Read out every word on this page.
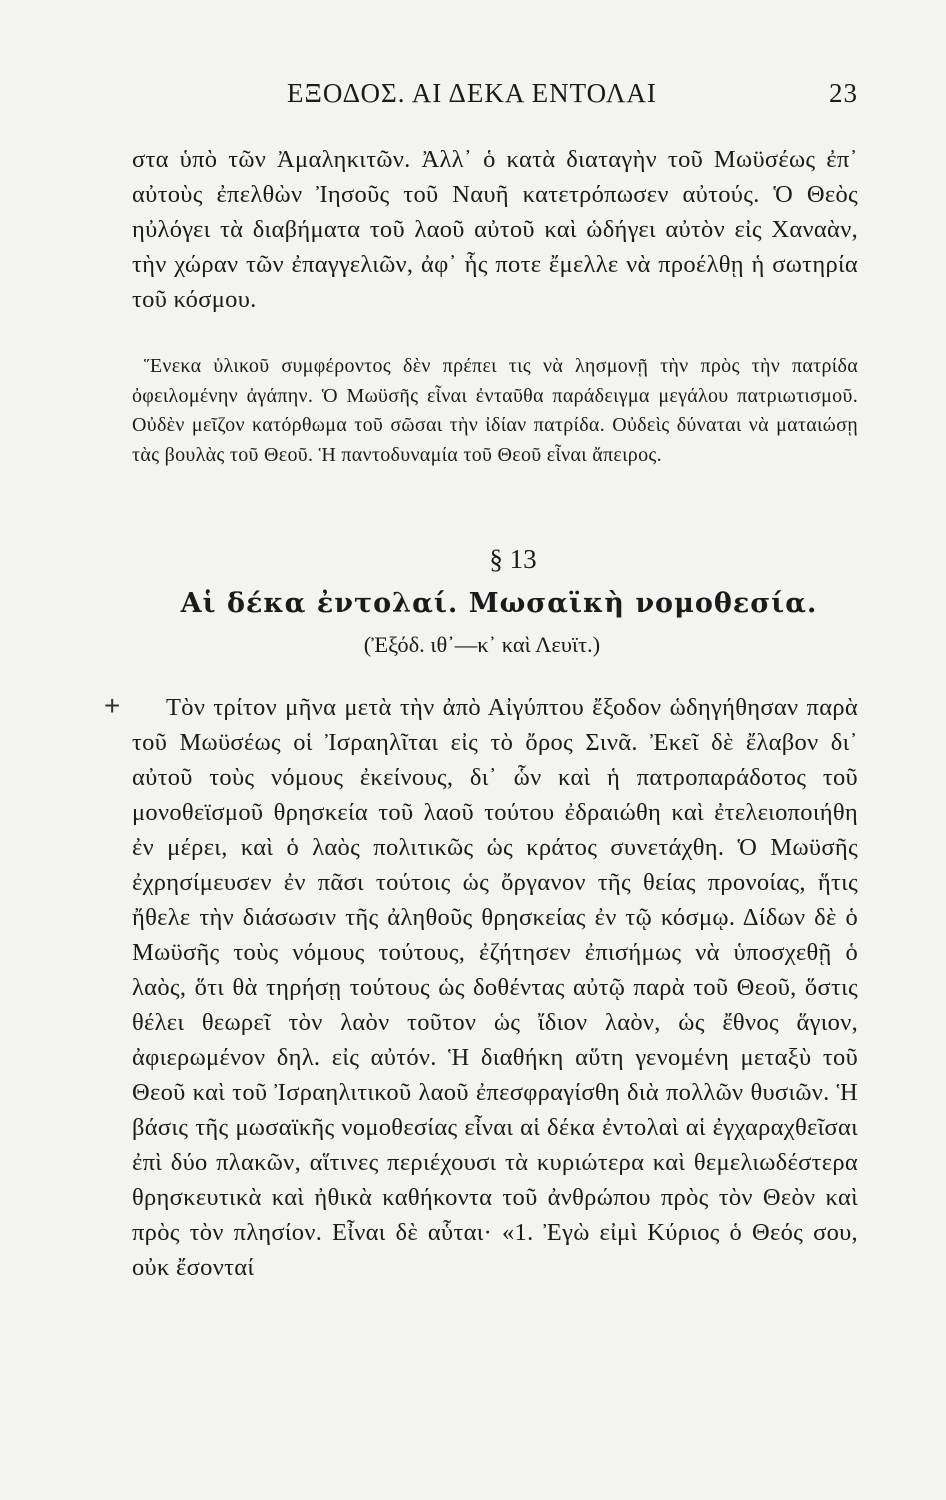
ΕΞΟΔΟΣ. ΑΙ ΔΕΚΑ ΕΝΤΟΛΑΙ	23

στα ὑπὸ τῶν Ἀμαληκιτῶν. Ἀλλ᾽ ὁ κατὰ διαταγὴν τοῦ Μωϋσέως ἐπ᾽ αὐτοὺς ἐπελθὼν Ἰησοῦς τοῦ Ναυῆ κατετρόπωσεν αὐτούς. Ὁ Θεὸς ηὐλόγει τὰ διαβήματα τοῦ λαοῦ αὐτοῦ καὶ ὡδήγει αὐτὸν εἰς Χαναὰν, τὴν χώραν τῶν ἐπαγγελιῶν, ἀφ᾽ ἧς ποτε ἔμελλε νὰ προέλθῃ ἡ σωτηρία τοῦ κόσμου.

Ἕνεκα ὑλικοῦ συμφέροντος δὲν πρέπει τις νὰ λησμονῇ τὴν πρὸς τὴν πατρίδα ὀφειλομένην ἀγάπην. Ὁ Μωϋσῆς εἶναι ἐνταῦθα παράδειγμα μεγάλου πατριωτισμοῦ. Οὐδὲν μεῖζον κατόρθωμα τοῦ σῶσαι τὴν ἰδίαν πατρίδα. Οὐδεὶς δύναται νὰ ματαιώσῃ τὰς βουλὰς τοῦ Θεοῦ. Ἡ παντοδυναμία τοῦ Θεοῦ εἶναι ἄπειρος.

§ 13
Αἱ δέκα ἐντολαί. Μωσαϊκὴ νομοθεσία.
(Ἐξόδ. ιθ᾽—κ᾽ καὶ Λευϊτ.)
+	Τὸν τρίτον μῆνα μετὰ τὴν ἀπὸ Αἰγύπτου ἔξοδον ὡδηγήθησαν παρὰ τοῦ Μωϋσέως οἱ Ἰσραηλῖται εἰς τὸ ὄρος Σινᾶ. Ἐκεῖ δὲ ἔλαβον δι᾽ αὐτοῦ τοὺς νόμους ἐκείνους, δι᾽ ὧν καὶ ἡ πατροπαράδοτος τοῦ μονοθεϊσμοῦ θρησκεία τοῦ λαοῦ τούτου ἐδραιώθη καὶ ἐτελειοποιήθη ἐν μέρει, καὶ ὁ λαὸς πολιτικῶς ὡς κράτος συνετάχθη. Ὁ Μωϋσῆς ἐχρησίμευσεν ἐν πᾶσι τούτοις ὡς ὄργανον τῆς θείας προνοίας, ἥτις ἤθελε τὴν διάσωσιν τῆς ἀληθοῦς θρησκείας ἐν τῷ κόσμῳ. Δίδων δὲ ὁ Μωϋσῆς τοὺς νόμους τούτους, ἐζήτησεν ἐπισήμως νὰ ὑποσχεθῇ ὁ λαὸς, ὅτι θὰ τηρήσῃ τούτους ὡς δοθέντας αὐτῷ παρὰ τοῦ Θεοῦ, ὅστις θέλει θεωρεῖ τὸν λαὸν τοῦτον ὡς ἴδιον λαὸν, ὡς ἔθνος ἅγιον, ἀφιερωμένον δηλ. εἰς αὐτόν. Ἡ διαθήκη αὕτη γενομένη μεταξὺ τοῦ Θεοῦ καὶ τοῦ Ἰσραηλιτικοῦ λαοῦ ἐπεσφραγίσθη διὰ πολλῶν θυσιῶν. Ἡ βάσις τῆς μωσαϊκῆς νομοθεσίας εἶναι αἱ δέκα ἐντολαὶ αἱ ἐγχαραχθεῖσαι ἐπὶ δύο πλακῶν, αἵτινες περιέχουσι τὰ κυριώτερα καὶ θεμελιωδέστερα θρησκευτικὰ καὶ ἠθικὰ καθήκοντα τοῦ ἀνθρώπου πρὸς τὸν Θεὸν καὶ πρὸς τὸν πλησίον. Εἶναι δὲ αὗται· «1. Ἐγὼ εἰμὶ Κύριος ὁ Θεός σου, οὐκ ἔσονταί
